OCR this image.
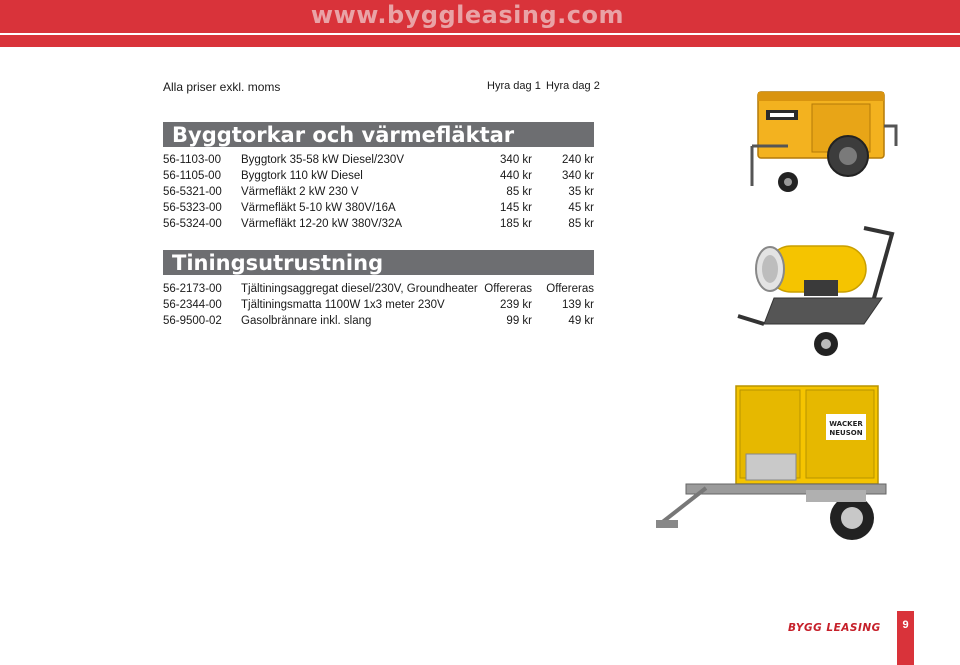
www.byggleasing.com
Alla priser exkl. moms	Hyra dag 1 Hyra dag 2
Byggtorkar och värmefläktar
56-1103-00 Byggtork 35-58 kW Diesel/230V	340 kr	240 kr
56-1105-00 Byggtork 110 kW Diesel	440 kr	340 kr
56-5321-00 Värmefläkt 2 kW 230 V	85 kr	35 kr
56-5323-00 Värmefläkt 5-10 kW 380V/16A	145 kr	45 kr
56-5324-00 Värmefläkt 12-20 kW 380V/32A	185 kr	85 kr
Tiningsutrustning
56-2173-00 Tjältiningsaggregat diesel/230V, Groundheater Offereras Offereras
56-2344-00 Tjältiningsmatta 1100W 1x3 meter 230V	239 kr	139 kr
56-9500-02 Gasolbrännare inkl. slang	99 kr	49 kr
WACKER
NEUSON
BYGG LEASING	9
